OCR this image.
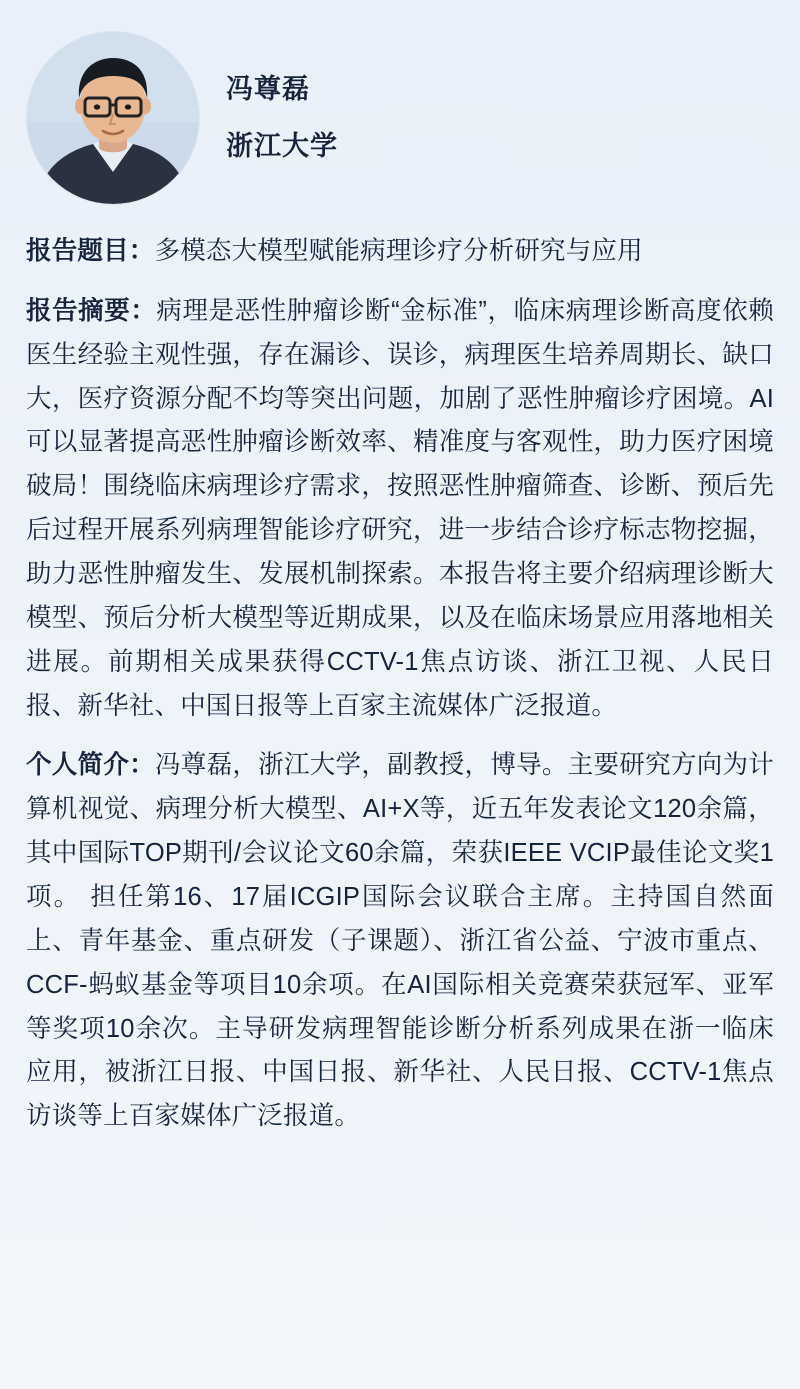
冯尊磊
浙江大学

报告题目：多模态大模型赋能病理诊疗分析研究与应用

报告摘要：病理是恶性肿瘤诊断“金标准”，临床病理诊断高度依赖医生经验主观性强，存在漏诊、误诊，病理医生培养周期长、缺口大，医疗资源分配不均等突出问题，加剧了恶性肿瘤诊疗困境。AI可以显著提高恶性肿瘤诊断效率、精准度与客观性，助力医疗困境破局！围绕临床病理诊疗需求，按照恶性肿瘤筛查、诊断、预后先后过程开展系列病理智能诊疗研究，进一步结合诊疗标志物挖掘，助力恶性肿瘤发生、发展机制探索。本报告将主要介绍病理诊断大模型、预后分析大模型等近期成果，以及在临床场景应用落地相关进展。前期相关成果获得CCTV-1焦点访谈、浙江卫视、人民日报、新华社、中国日报等上百家主流媒体广泛报道。

个人简介：冯尊磊，浙江大学，副教授，博导。主要研究方向为计算机视觉、病理分析大模型、AI+X等，近五年发表论文120余篇，其中国际TOP期刊/会议论文60余篇，荣获IEEE VCIP最佳论文奖1项。 担任第16、17届ICGIP国际会议联合主席。主持国自然面上、青年基金、重点研发（子课题）、浙江省公益、宁波市重点、CCF-蚂蚁基金等项目10余项。在AI国际相关竞赛荣获冠军、亚军等奖项10余次。主导研发病理智能诊断分析系列成果在浙一临床应用，被浙江日报、中国日报、新华社、人民日报、CCTV-1焦点访谈等上百家媒体广泛报道。
